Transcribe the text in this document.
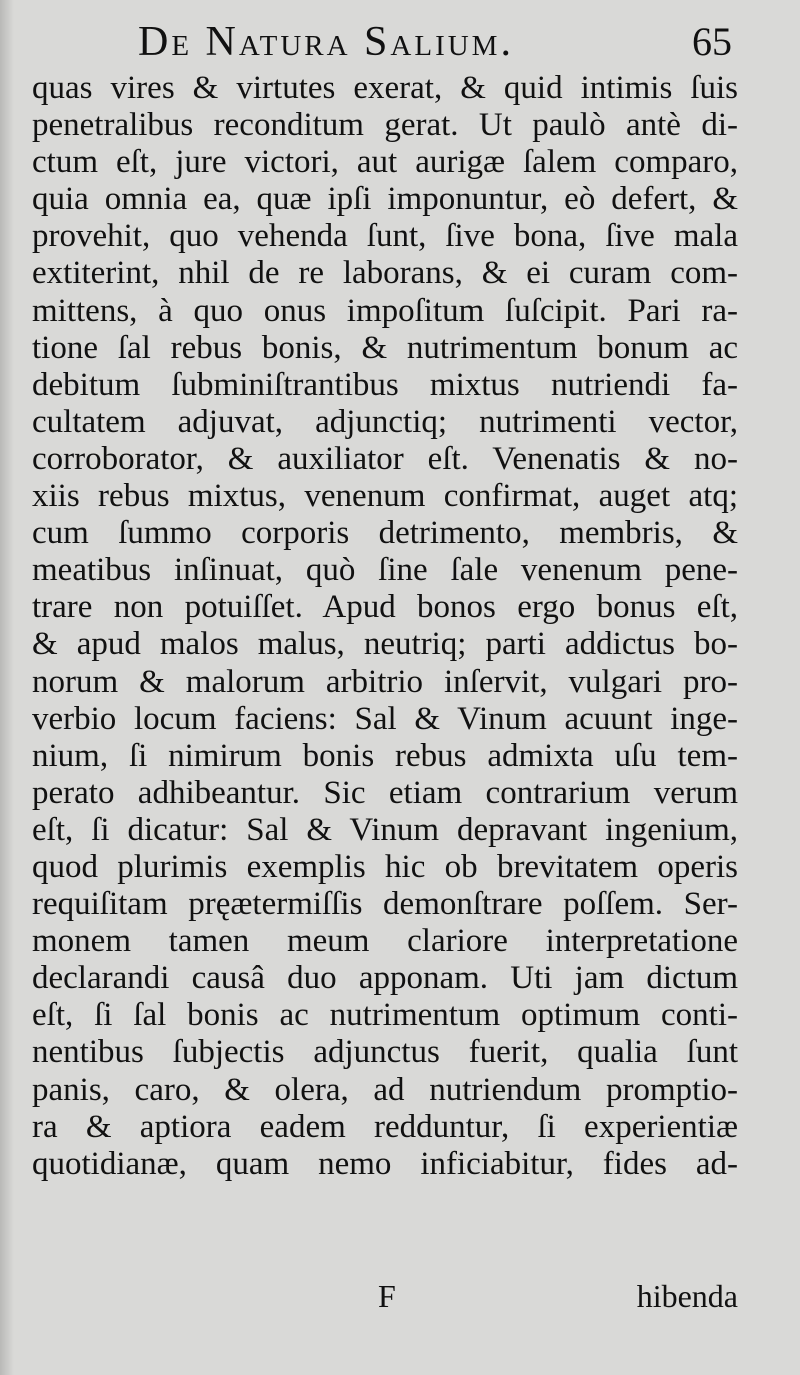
De Natura Salium.	65
quas vires & virtutes exerat, & quid intimis ſuis
penetralibus reconditum gerat. Ut paulò antè di-
ctum eſt, jure victori, aut aurigæ ſalem comparo,
quia omnia ea, quæ ipſi imponuntur, eò defert, &
provehit, quo vehenda ſunt, ſive bona, ſive mala
extiterint, nhil de re laborans, & ei curam com-
mittens, à quo onus impoſitum ſuſcipit. Pari ra-
tione ſal rebus bonis, & nutrimentum bonum ac
debitum ſubminiſtrantibus mixtus nutriendi fa-
cultatem adjuvat, adjunctiq; nutrimenti vector,
corroborator, & auxiliator eſt. Venenatis & no-
xiis rebus mixtus, venenum confirmat, auget atq;
cum ſummo corporis detrimento, membris, &
meatibus inſinuat, quò ſine ſale venenum pene-
trare non potuiſſet. Apud bonos ergo bonus eſt,
& apud malos malus, neutriq; parti addictus bo-
norum & malorum arbitrio inſervit, vulgari pro-
verbio locum faciens: Sal & Vinum acuunt inge-
nium, ſi nimirum bonis rebus admixta uſu tem-
perato adhibeantur. Sic etiam contrarium verum
eſt, ſi dicatur: Sal & Vinum depravant ingenium,
quod plurimis exemplis hic ob brevitatem operis
requiſitam pręætermiſſis demonſtrare poſſem. Ser-
monem tamen meum clariore interpretatione
declarandi causâ duo apponam. Uti jam dictum
eſt, ſi ſal bonis ac nutrimentum optimum conti-
nentibus ſubjectis adjunctus fuerit, qualia ſunt
panis, caro, & olera, ad nutriendum promptio-
ra & aptiora eadem redduntur, ſi experientiæ
quotidianæ, quam nemo inficiabitur, fides ad-
F	hibenda
